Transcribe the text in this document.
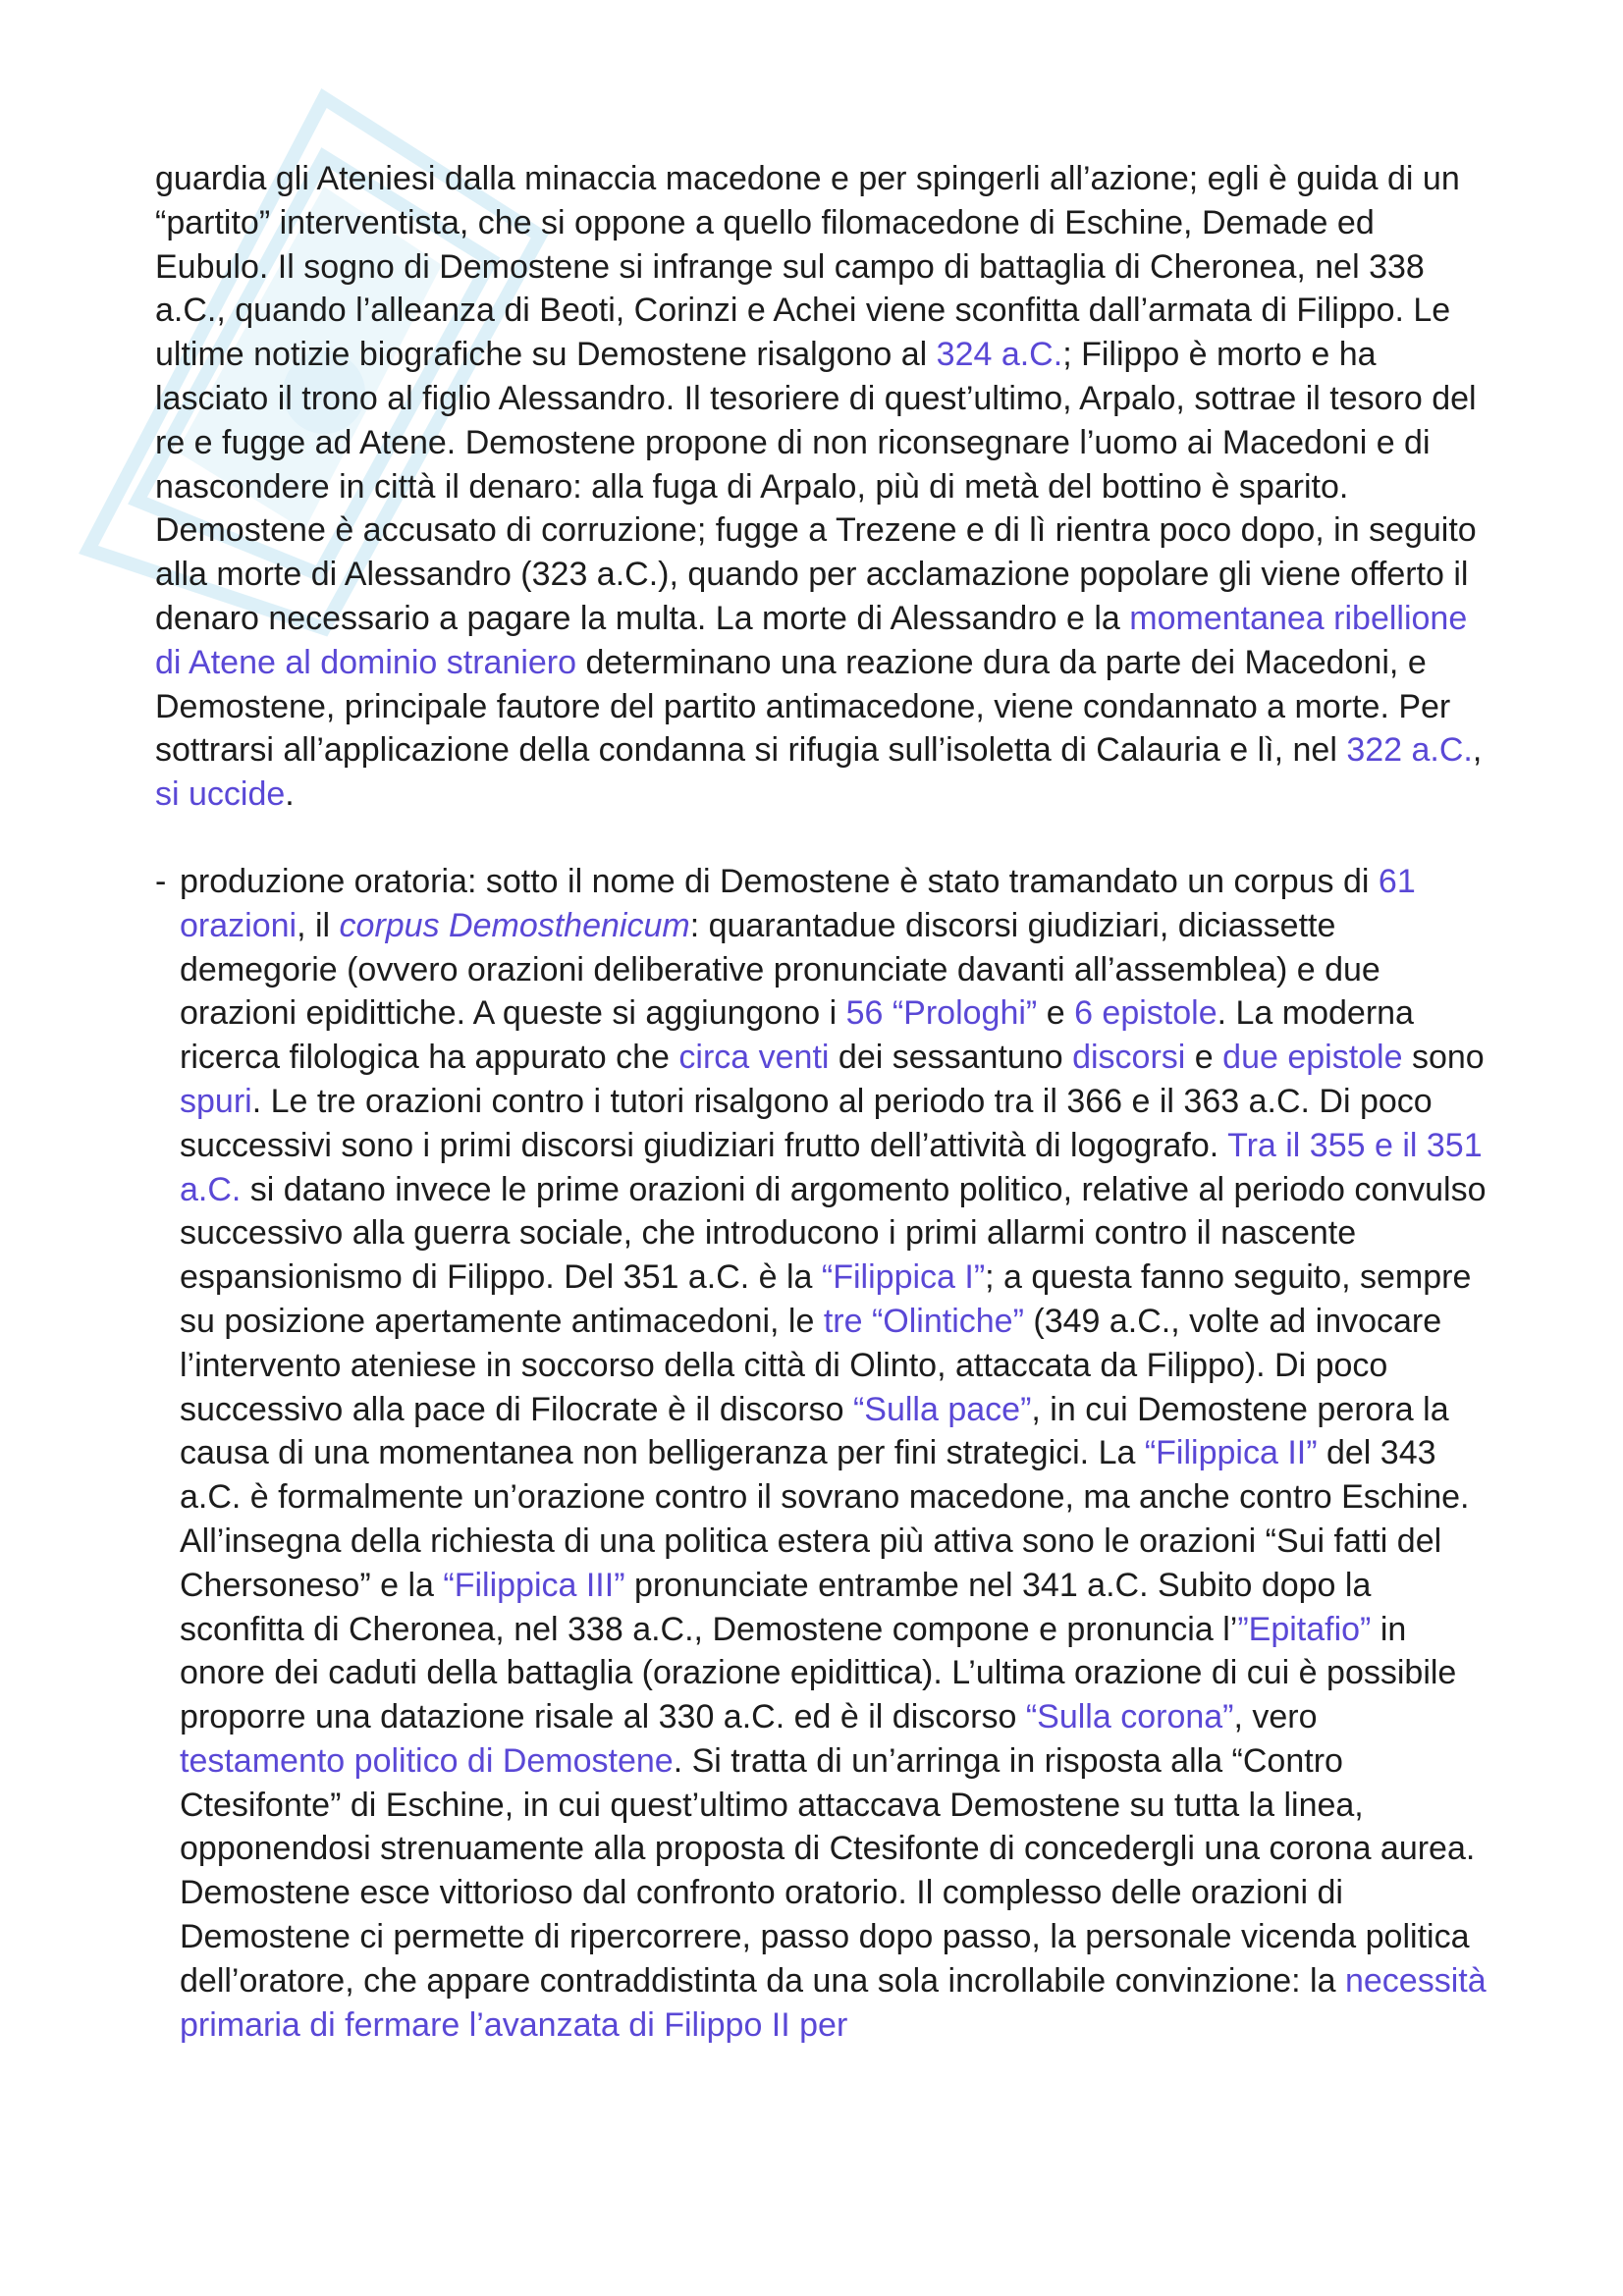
guardia gli Ateniesi dalla minaccia macedone e per spingerli all’azione; egli è guida di un “partito” interventista, che si oppone a quello filomacedone di Eschine, Demade ed Eubulo. Il sogno di Demostene si infrange sul campo di battaglia di Cheronea, nel 338 a.C., quando l’alleanza di Beoti, Corinzi e Achei viene sconfitta dall’armata di Filippo. Le ultime notizie biografiche su Demostene risalgono al 324 a.C.; Filippo è morto e ha lasciato il trono al figlio Alessandro. Il tesoriere di quest’ultimo, Arpalo, sottrae il tesoro del re e fugge ad Atene. Demostene propone di non riconsegnare l’uomo ai Macedoni e di nascondere in città il denaro: alla fuga di Arpalo, più di metà del bottino è sparito. Demostene è accusato di corruzione; fugge a Trezene e di lì rientra poco dopo, in seguito alla morte di Alessandro (323 a.C.), quando per acclamazione popolare gli viene offerto il denaro necessario a pagare la multa. La morte di Alessandro e la momentanea ribellione di Atene al dominio straniero determinano una reazione dura da parte dei Macedoni, e Demostene, principale fautore del partito antimacedone, viene condannato a morte. Per sottrarsi all’applicazione della condanna si rifugia sull’isoletta di Calauria e lì, nel 322 a.C., si uccide.

- produzione oratoria: sotto il nome di Demostene è stato tramandato un corpus di 61 orazioni, il corpus Demosthenicum: quarantadue discorsi giudiziari, diciassette demegorie (ovvero orazioni deliberative pronunciate davanti all’assemblea) e due orazioni epidittiche. A queste si aggiungono i 56 “Prologhi” e 6 epistole. La moderna ricerca filologica ha appurato che circa venti dei sessantuno discorsi e due epistole sono spuri. Le tre orazioni contro i tutori risalgono al periodo tra il 366 e il 363 a.C. Di poco successivi sono i primi discorsi giudiziari frutto dell’attività di logografo. Tra il 355 e il 351 a.C. si datano invece le prime orazioni di argomento politico, relative al periodo convulso successivo alla guerra sociale, che introducono i primi allarmi contro il nascente espansionismo di Filippo. Del 351 a.C. è la “Filippica I”; a questa fanno seguito, sempre su posizione apertamente antimacedoni, le tre “Olintiche” (349 a.C., volte ad invocare l’intervento ateniese in soccorso della città di Olinto, attaccata da Filippo). Di poco successivo alla pace di Filocrate è il discorso “Sulla pace”, in cui Demostene perora la causa di una momentanea non belligeranza per fini strategici. La “Filippica II” del 343 a.C. è formalmente un’orazione contro il sovrano macedone, ma anche contro Eschine. All’insegna della richiesta di una politica estera più attiva sono le orazioni “Sui fatti del Chersoneso” e la “Filippica III” pronunciate entrambe nel 341 a.C. Subito dopo la sconfitta di Cheronea, nel 338 a.C., Demostene compone e pronuncia l’”Epitafio” in onore dei caduti della battaglia (orazione epidittica). L’ultima orazione di cui è possibile proporre una datazione risale al 330 a.C. ed è il discorso “Sulla corona”, vero testamento politico di Demostene. Si tratta di un’arringa in risposta alla “Contro Ctesifonte” di Eschine, in cui quest’ultimo attaccava Demostene su tutta la linea, opponendosi strenuamente alla proposta di Ctesifonte di concedergli una corona aurea. Demostene esce vittorioso dal confronto oratorio. Il complesso delle orazioni di Demostene ci permette di ripercorrere, passo dopo passo, la personale vicenda politica dell’oratore, che appare contraddistinta da una sola incrollabile convinzione: la necessità primaria di fermare l’avanzata di Filippo II per
